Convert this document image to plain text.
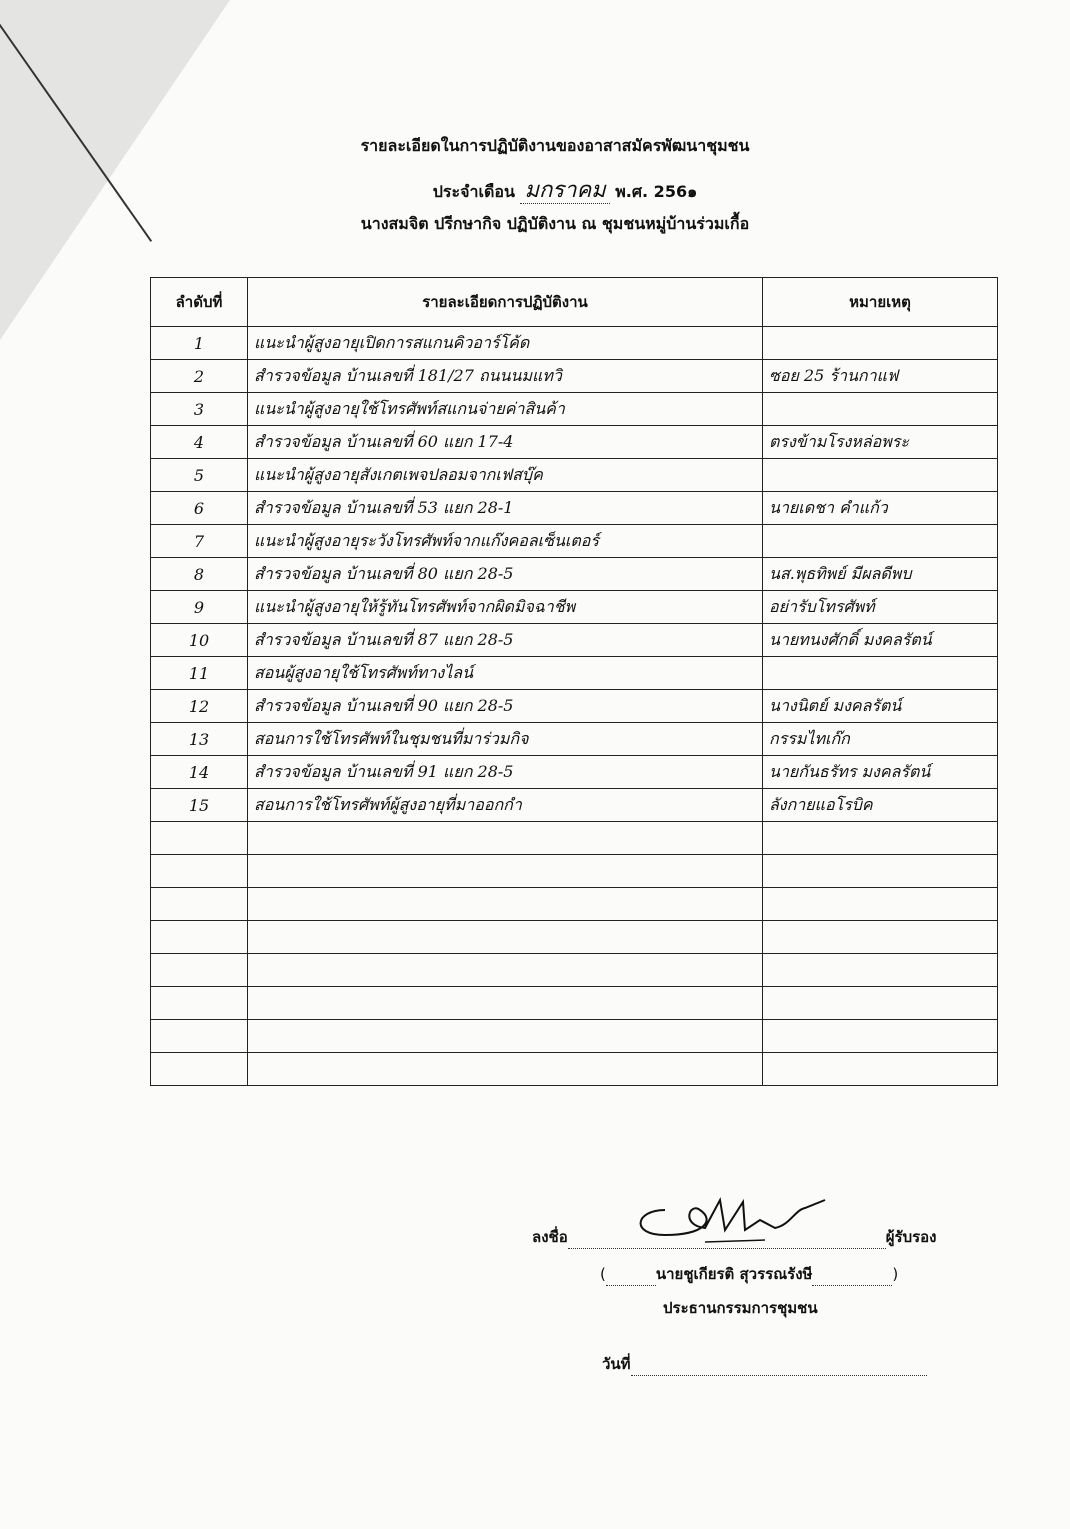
รายละเอียดในการปฏิบัติงานของอาสาสมัครพัฒนาชุมชน
ประจำเดือน มกราคม พ.ศ. 256๑
นางสมจิต ปรีกษากิจ ปฏิบัติงาน ณ ชุมชนหมู่บ้านร่วมเกื้อ
ลำดับที่	รายละเอียดการปฏิบัติงาน	หมายเหตุ
1	แนะนำผู้สูงอายุเปิดการสแกนคิวอาร์โค้ด	
2	สำรวจข้อมูล บ้านเลขที่ 181/27 ถนนนมแทวิ	ซอย 25 ร้านกาแฟ
3	แนะนำผู้สูงอายุใช้โทรศัพท์สแกนจ่ายค่าสินค้า	
4	สำรวจข้อมูล บ้านเลขที่ 60 แยก 17-4	ตรงข้ามโรงหล่อพระ
5	แนะนำผู้สูงอายุสังเกตเพจปลอมจากเฟสบุ๊ค	
6	สำรวจข้อมูล บ้านเลขที่ 53 แยก 28-1	นายเดชา คำแก้ว
7	แนะนำผู้สูงอายุระวังโทรศัพท์จากแก๊งคอลเซ็นเตอร์	
8	สำรวจข้อมูล บ้านเลขที่ 80 แยก 28-5	นส.พุธทิพย์ มีผลดีพบ
9	แนะนำผู้สูงอายุให้รู้ทันโทรศัพท์จากผิดมิจฉาชีพ	อย่ารับโทรศัพท์
10	สำรวจข้อมูล บ้านเลขที่ 87 แยก 28-5	นายทนงศักดิ์ มงคลรัตน์
11	สอนผู้สูงอายุใช้โทรศัพท์ทางไลน์	
12	สำรวจข้อมูล บ้านเลขที่ 90 แยก 28-5	นางนิตย์ มงคลรัตน์
13	สอนการใช้โทรศัพท์ในชุมชนที่มาร่วมกิจ	กรรมไทเก๊ก
14	สำรวจข้อมูล บ้านเลขที่ 91 แยก 28-5	นายกันธรัทร มงคลรัตน์
15	สอนการใช้โทรศัพท์ผู้สูงอายุที่มาออกกำ	ลังกายแอโรบิค

ลงชื่อ	ผู้รับรอง
(	นายชูเกียรติ สุวรรณรังษี	)
ประธานกรรมการชุมชน
วันที่
